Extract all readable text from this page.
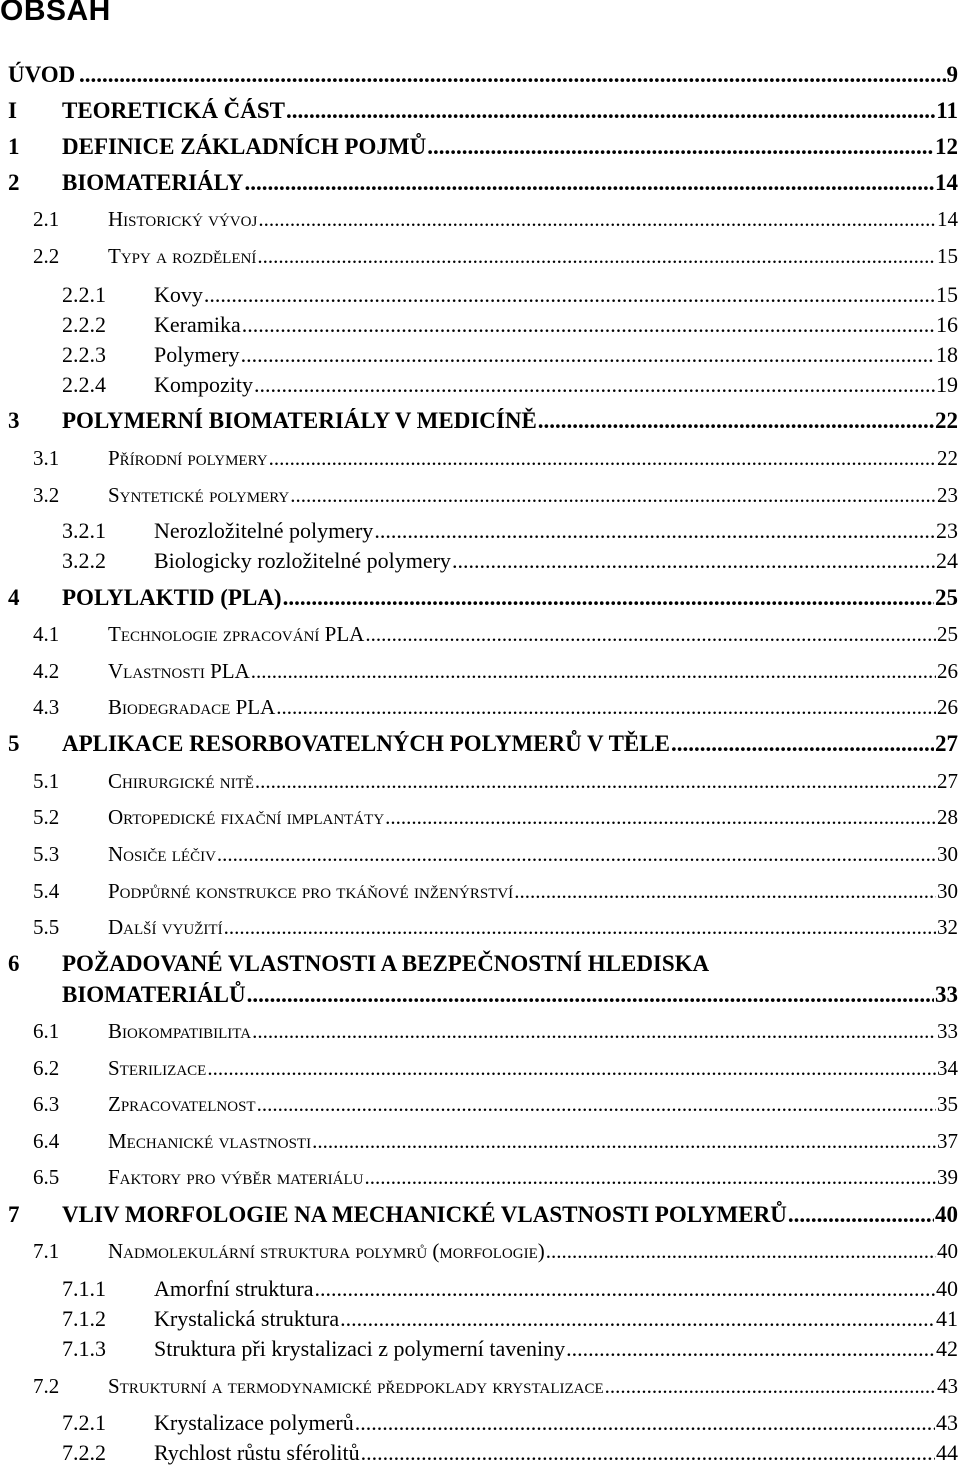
OBSAH
ÚVOD .....	9
I TEORETICKÁ ČÁST .....	11
1 DEFINICE ZÁKLADNÍCH POJMŮ .....	12
2 BIOMATERIÁLY .....	14
2.1 Historický vývoj .....	14
2.2 Typy a rozdělení .....	15
2.2.1 Kovy .....	15
2.2.2 Keramika .....	16
2.2.3 Polymery .....	18
2.2.4 Kompozity .....	19
3 POLYMERNÍ BIOMATERIÁLY V MEDICÍNĚ .....	22
3.1 Přírodní polymery .....	22
3.2 Syntetické polymery .....	23
3.2.1 Nerozložitelné polymery .....	23
3.2.2 Biologicky rozložitelné polymery .....	24
4 POLYLAKTID (PLA) .....	25
4.1 Technologie zpracování PLA .....	25
4.2 Vlastnosti PLA .....	26
4.3 Biodegradace PLA .....	26
5 APLIKACE RESORBOVATELNÝCH POLYMERŮ V TĚLE .....	27
5.1 Chirurgické nitě .....	27
5.2 Ortopedické fixační implantáty .....	28
5.3 Nosiče léčiv .....	30
5.4 Podpůrné konstrukce pro tkáňové inženýrství .....	30
5.5 Další využití .....	32
6 POŽADOVANÉ VLASTNOSTI A BEZPEČNOSTNÍ HLEDISKA
BIOMATERIÁLŮ .....	33
6.1 Biokompatibilita .....	33
6.2 Sterilizace .....	34
6.3 Zpracovatelnost .....	35
6.4 Mechanické vlastnosti .....	37
6.5 Faktory pro výběr materiálu .....	39
7 VLIV MORFOLOGIE NA MECHANICKÉ VLASTNOSTI POLYMERŮ .....	40
7.1 Nadmolekulární struktura polymrů (morfologie) .....	40
7.1.1 Amorfní struktura .....	40
7.1.2 Krystalická struktura .....	41
7.1.3 Struktura při krystalizaci z polymerní taveniny .....	42
7.2 Strukturní a termodynamické předpoklady krystalizace .....	43
7.2.1 Krystalizace polymerů .....	43
7.2.2 Rychlost růstu sférolitů .....	44
